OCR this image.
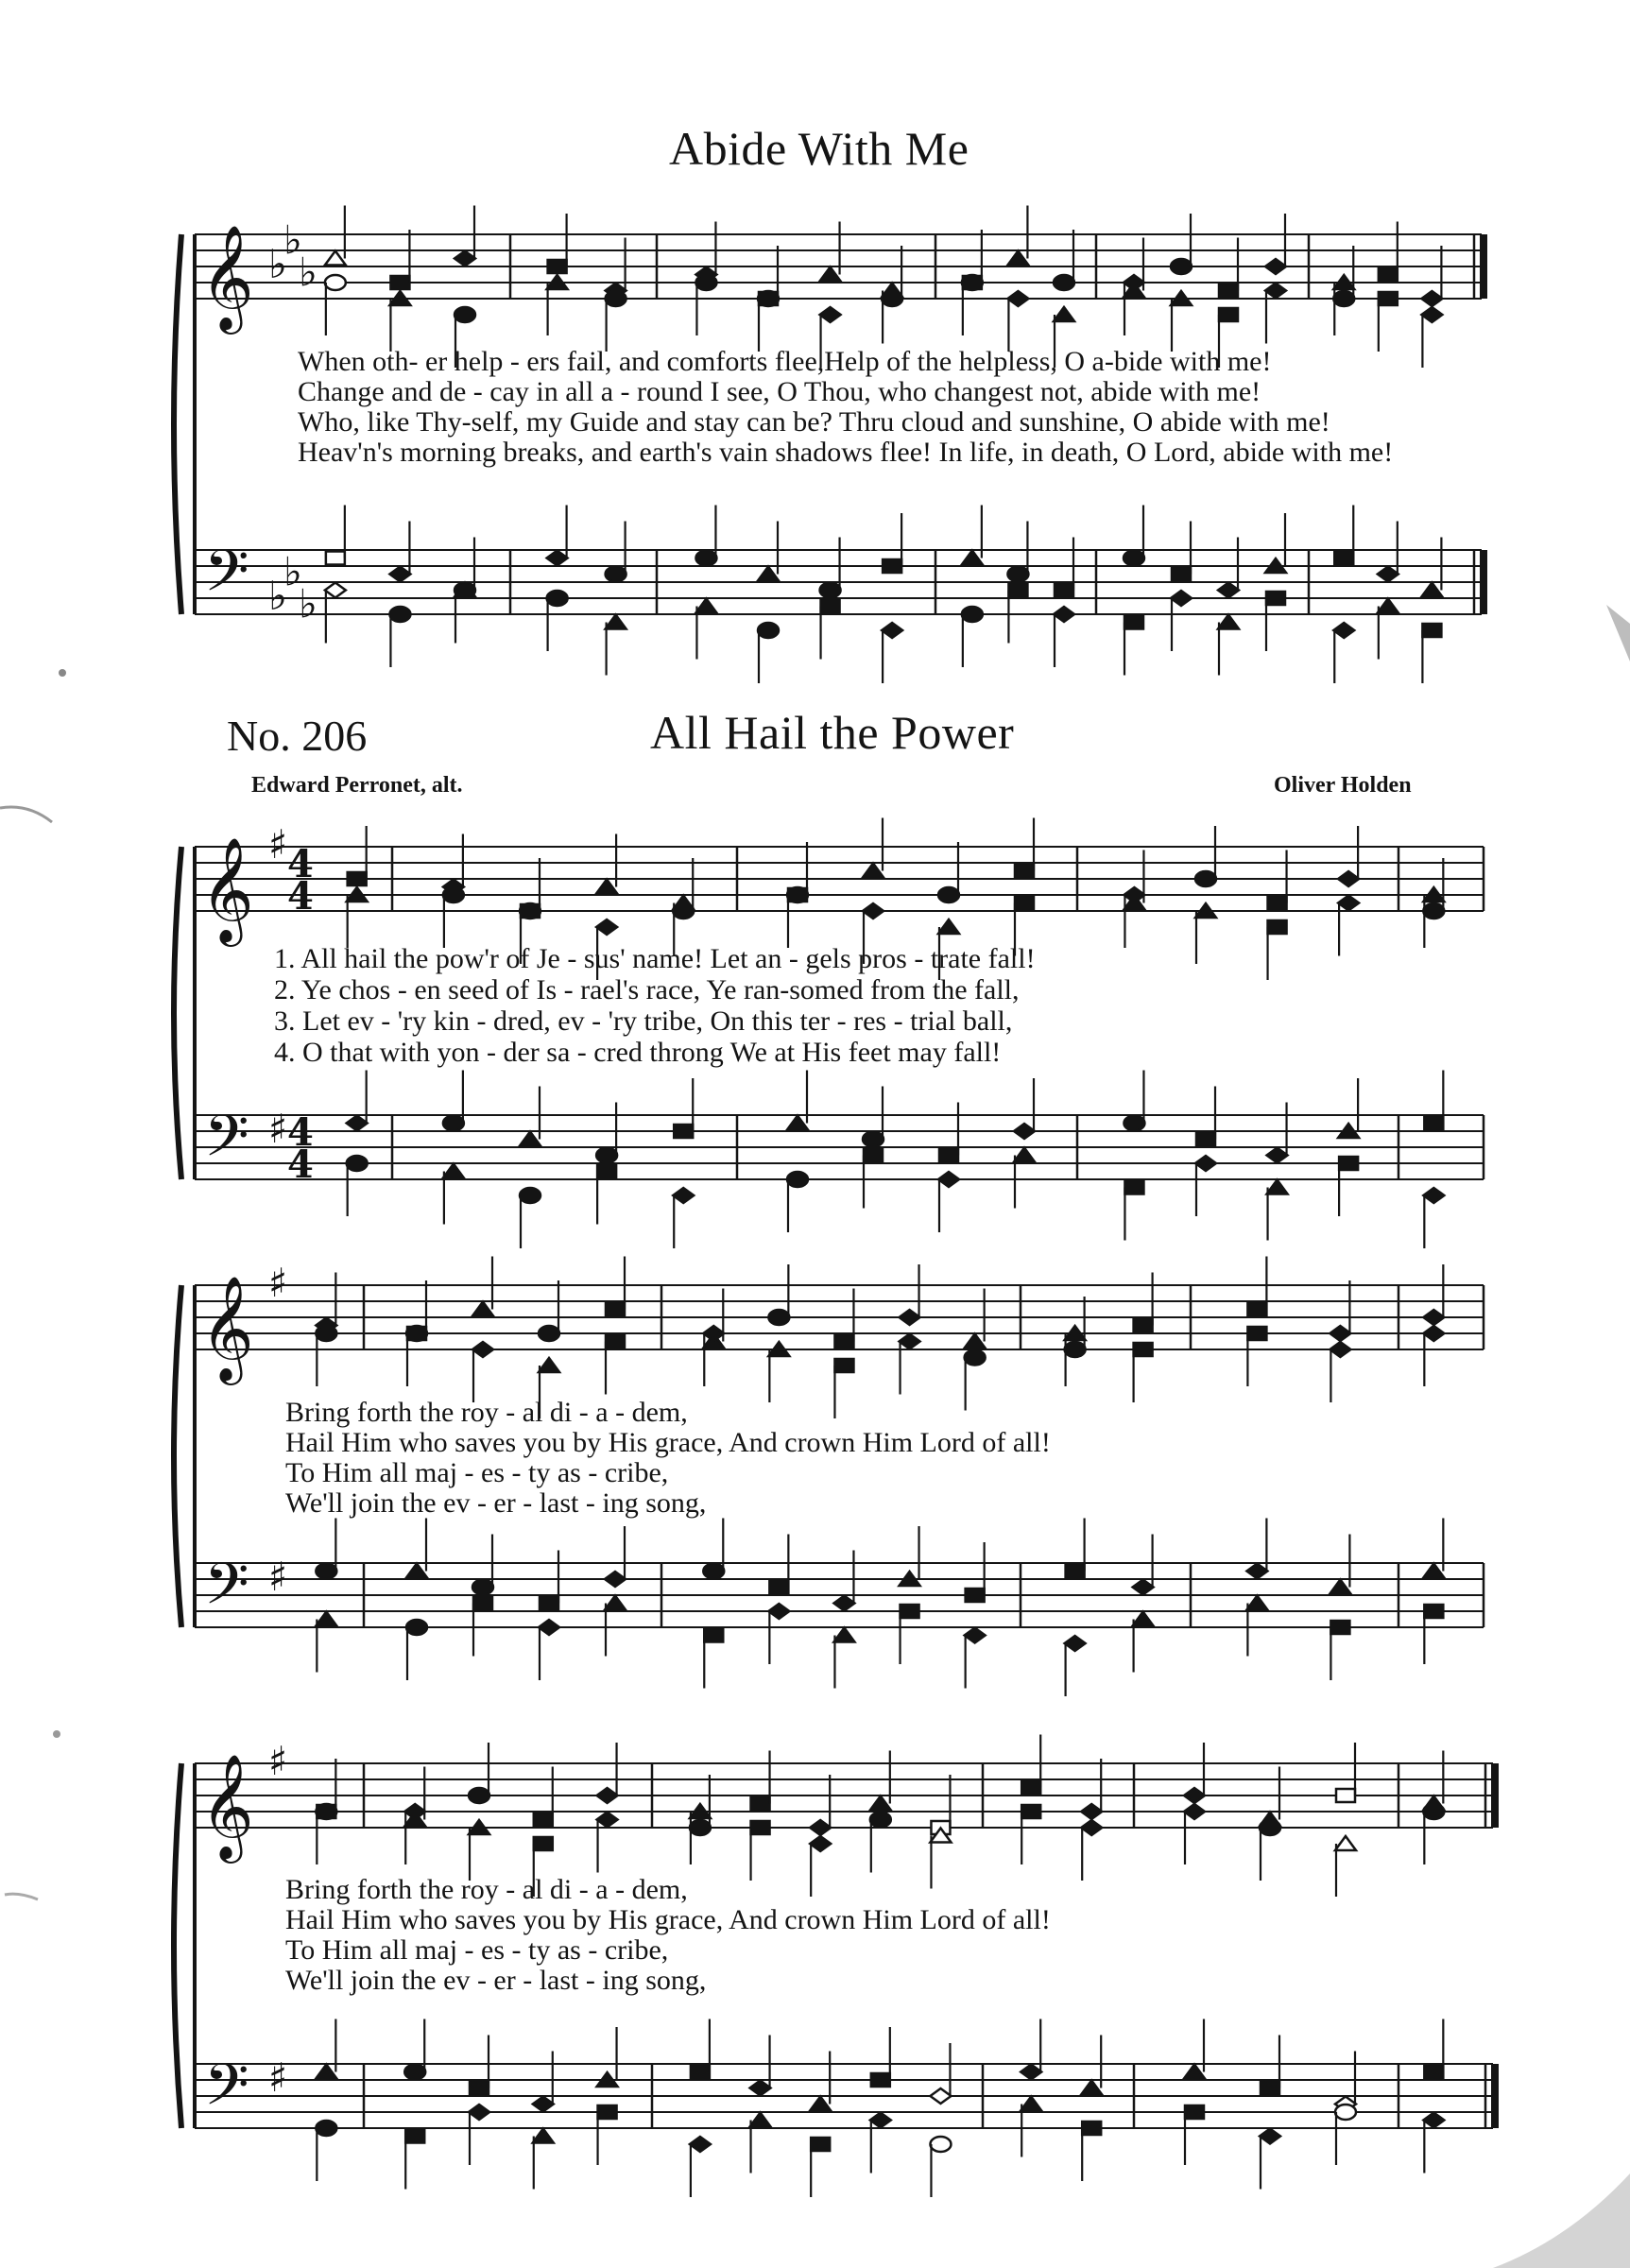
Abide With Me
𝄞
𝄢
♭
♭
♭
♭
♭
♭
𝄞
𝄢
♯
♯
4
4
4
4
𝄞
𝄢
♯
♯
𝄞
𝄢
♯
♯
When oth- er help - ers fail, and comforts flee,Help of the helpless, O a-bide with me!
Change and de - cay in all a - round I see, O Thou, who changest not, abide with me!
Who, like Thy-self, my Guide and stay can be? Thru cloud and sunshine, O abide with me!
Heav'n's morning breaks, and earth's vain shadows flee! In life, in death, O Lord, abide with me!
No. 206	All Hail the Power
Edward Perronet, alt.	Oliver Holden
1. All hail the pow'r of Je - sus' name! Let an - gels pros - trate fall!
2. Ye chos - en seed of Is - rael's race, Ye ran-somed from the fall,
3. Let ev - 'ry kin - dred, ev - 'ry tribe, On this ter - res - trial ball,
4. O that with yon - der sa - cred throng We at His feet may fall!
Bring forth the roy - al di - a - dem,
Hail Him who saves you by His grace, And crown Him Lord of all!
To Him all maj - es - ty as - cribe,
We'll join the ev - er - last - ing song,
Bring forth the roy - al di - a - dem,
Hail Him who saves you by His grace, And crown Him Lord of all!
To Him all maj - es - ty as - cribe,
We'll join the ev - er - last - ing song,
